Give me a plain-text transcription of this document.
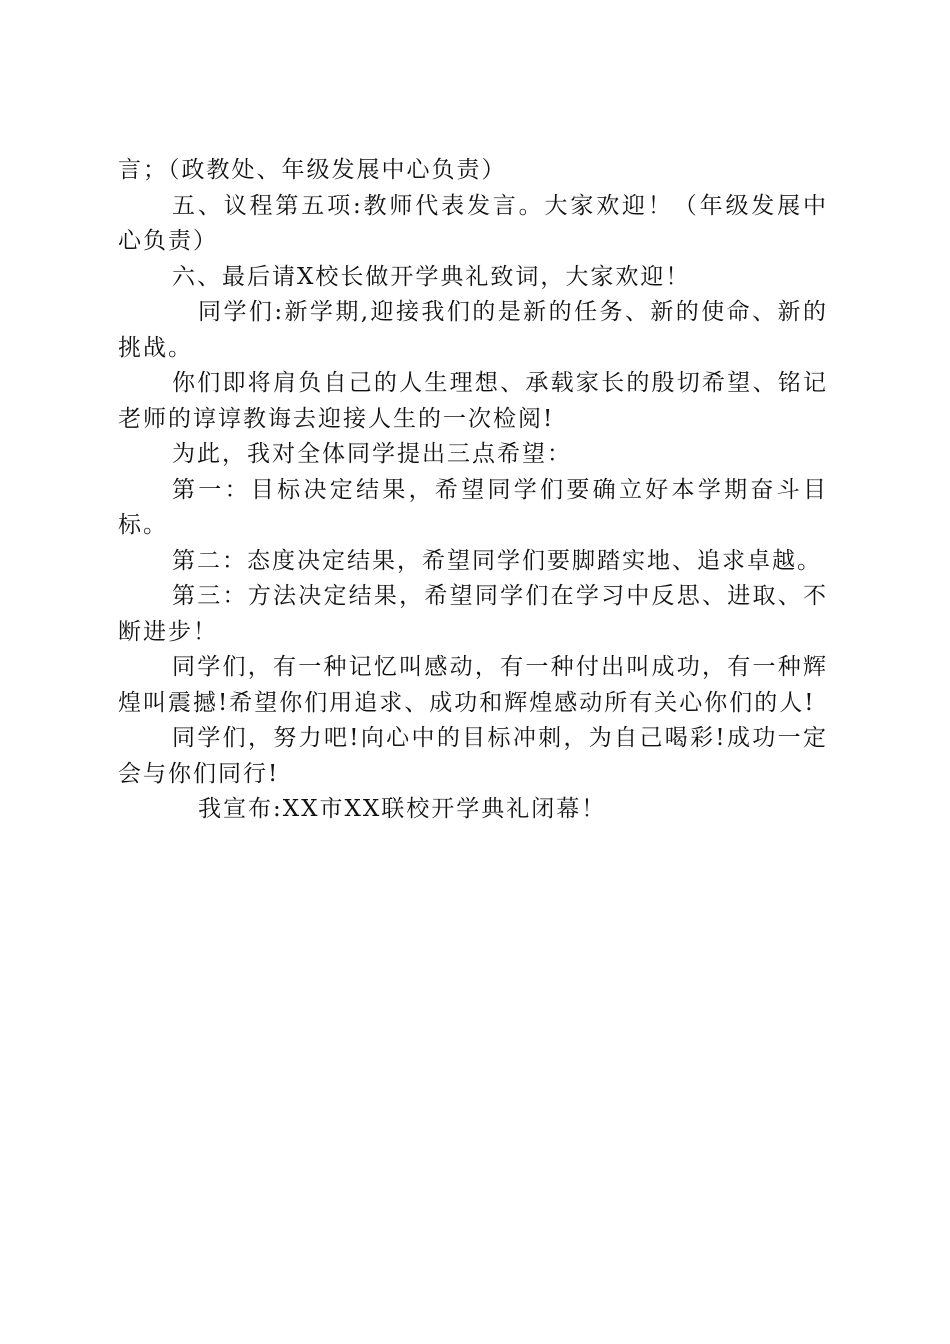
言；（政教处、年级发展中心负责）

五、议程第五项:教师代表发言。大家欢迎！（年级发展中心负责）

六、最后请X校长做开学典礼致词，大家欢迎！

同学们:新学期,迎接我们的是新的任务、新的使命、新的挑战。

你们即将肩负自己的人生理想、承载家长的殷切希望、铭记老师的谆谆教诲去迎接人生的一次检阅!

为此，我对全体同学提出三点希望：

第一：目标决定结果，希望同学们要确立好本学期奋斗目标。

第二：态度决定结果，希望同学们要脚踏实地、追求卓越。

第三：方法决定结果，希望同学们在学习中反思、进取、不断进步！

同学们，有一种记忆叫感动，有一种付出叫成功，有一种辉煌叫震撼!希望你们用追求、成功和辉煌感动所有关心你们的人!

同学们，努力吧!向心中的目标冲刺，为自己喝彩!成功一定会与你们同行!

我宣布:XX市XX联校开学典礼闭幕！
